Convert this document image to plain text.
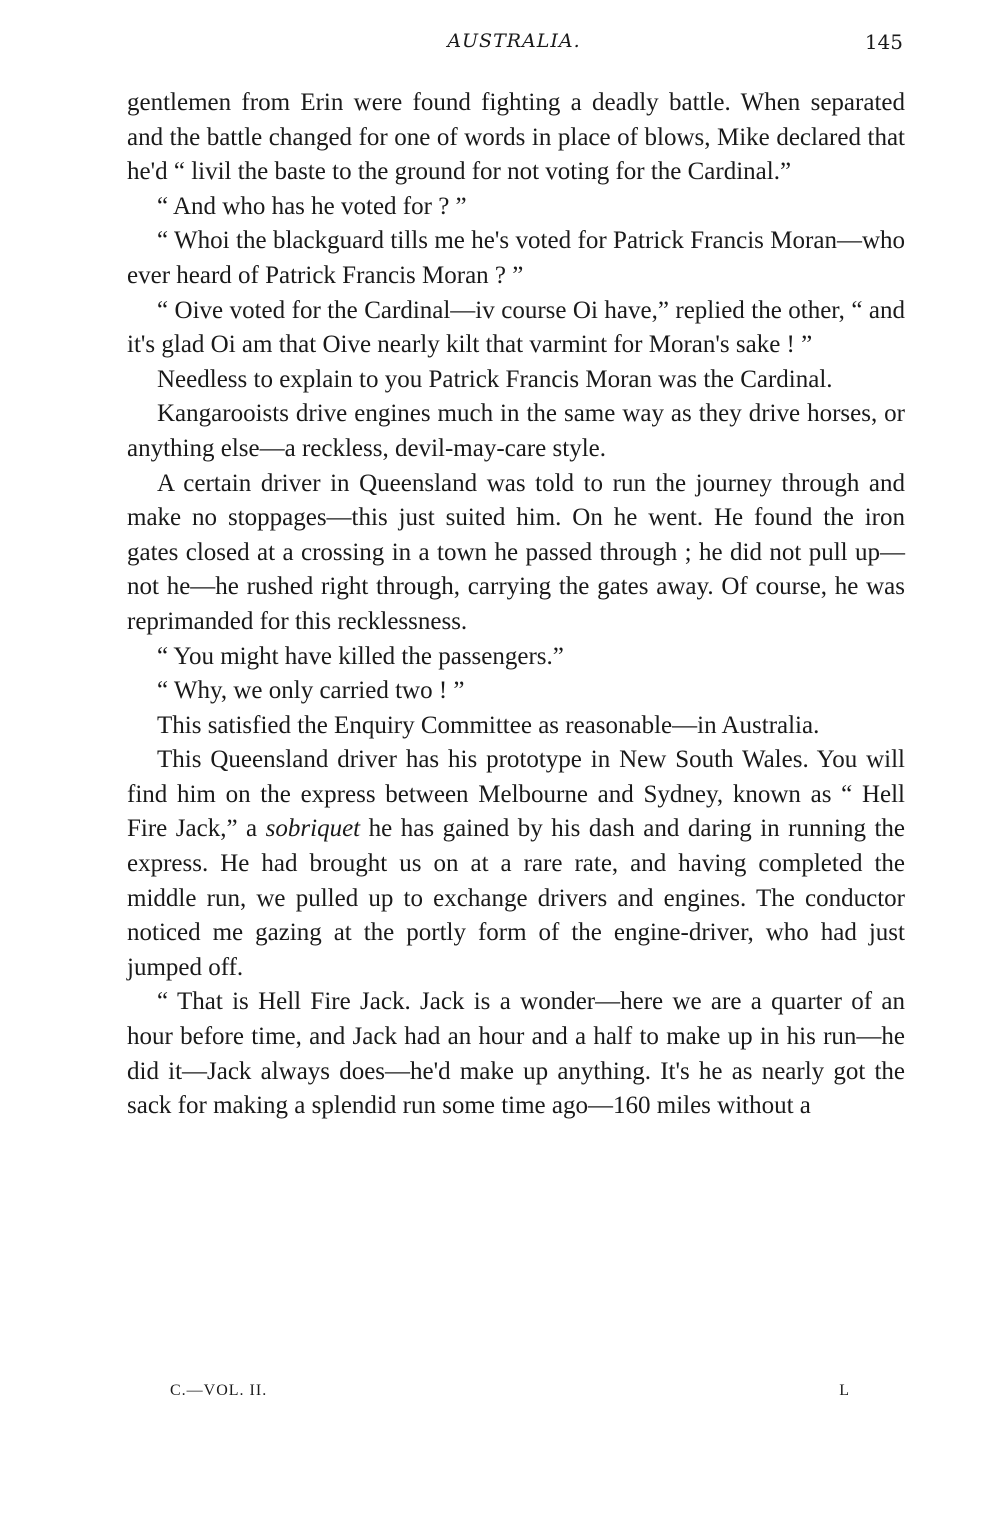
AUSTRALIA.	145

gentlemen from Erin were found fighting a deadly battle. When separated and the battle changed for one of words in place of blows, Mike declared that he'd “ livil the baste to the ground for not voting for the Cardinal.”

“ And who has he voted for ? ”

“ Whoi the blackguard tills me he's voted for Patrick Francis Moran—who ever heard of Patrick Francis Moran ? ”

“ Oive voted for the Cardinal—iv course Oi have,” replied the other, “ and it's glad Oi am that Oive nearly kilt that varmint for Moran's sake ! ”

Needless to explain to you Patrick Francis Moran was the Cardinal.

Kangarooists drive engines much in the same way as they drive horses, or anything else—a reckless, devil-may-care style.

A certain driver in Queensland was told to run the journey through and make no stoppages—this just suited him. On he went. He found the iron gates closed at a crossing in a town he passed through ; he did not pull up—not he—he rushed right through, carrying the gates away. Of course, he was reprimanded for this recklessness.

“ You might have killed the passengers.”

“ Why, we only carried two ! ”

This satisfied the Enquiry Committee as reasonable—in Australia.

This Queensland driver has his prototype in New South Wales. You will find him on the express between Melbourne and Sydney, known as “ Hell Fire Jack,” a sobriquet he has gained by his dash and daring in running the express. He had brought us on at a rare rate, and having completed the middle run, we pulled up to exchange drivers and engines. The conductor noticed me gazing at the portly form of the engine-driver, who had just jumped off.

“ That is Hell Fire Jack. Jack is a wonder—here we are a quarter of an hour before time, and Jack had an hour and a half to make up in his run—he did it—Jack always does—he'd make up anything. It's he as nearly got the sack for making a splendid run some time ago—160 miles without a

C.—VOL. II.	L
